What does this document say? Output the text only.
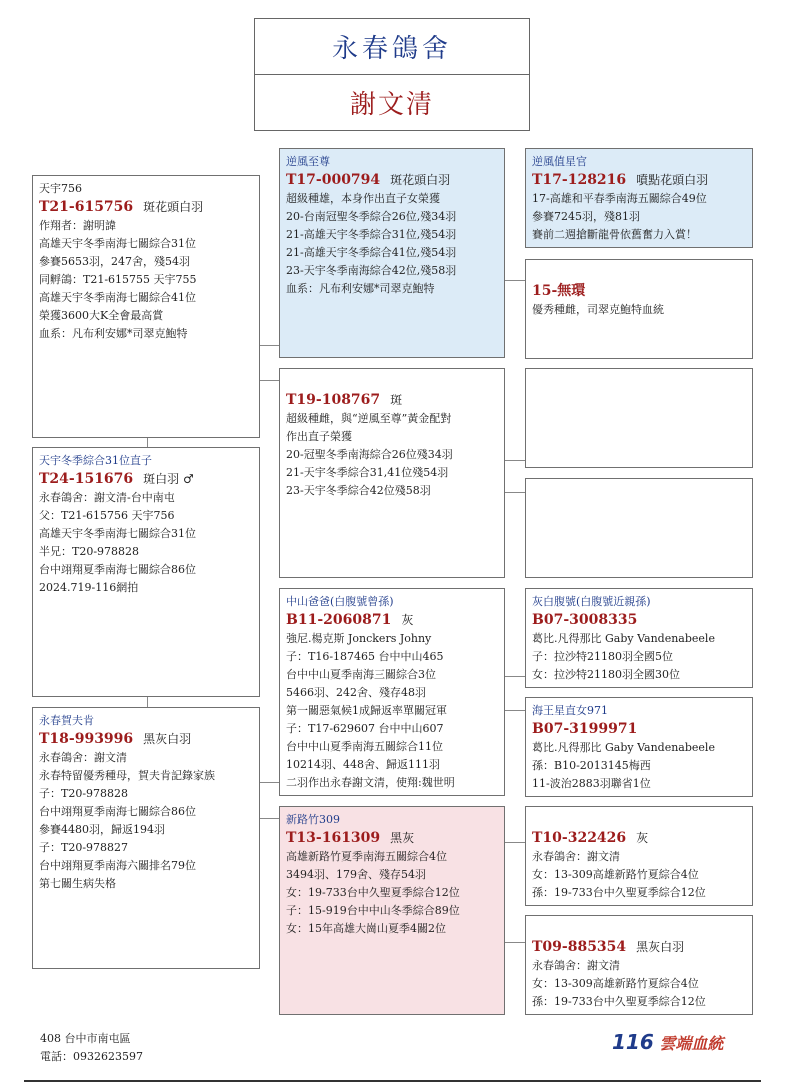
永春鴿舍
謝文清
天宇756
T21-615756 斑花頭白羽
作翔者：謝明諱
高雄天宇冬季南海七關綜合31位
參賽5653羽，247舍，殘54羽
同孵鴿：T21-615755 天宇755
高雄天宇冬季南海七關綜合41位
榮獲3600大K全會最高賞
血系：凡布利安娜*司翠克鮑特
天宇冬季綜合31位直子
T24-151676 斑白羽 ♂
永春鴿舍：謝文清-台中南屯
父：T21-615756 天宇756
高雄天宇冬季南海七關綜合31位
半兄：T20-978828
台中翊翔夏季南海七關綜合86位
2024.719-116網拍
永春賀夫肯
T18-993996 黑灰白羽
永春鴿舍：謝文清
永春特留優秀種母，賀夫肯記錄家族
子：T20-978828
台中翊翔夏季南海七關綜合86位
參賽4480羽，歸返194羽
子：T20-978827
台中翊翔夏季南海六關排名79位
第七關生病失格
逆風至尊
T17-000794 斑花頭白羽
超級種雄，本身作出直子女榮獲
20-台南冠聖冬季綜合26位,殘34羽
21-高雄天宇冬季綜合31位,殘54羽
21-高雄天宇冬季綜合41位,殘54羽
23-天宇冬季南海綜合42位,殘58羽
血系：凡布利安娜*司翠克鮑特

T19-108767 斑
超級種雌，與“逆風至尊”黃金配對
作出直子榮獲
20-冠聖冬季南海綜合26位殘34羽
21-天宇冬季綜合31,41位殘54羽
23-天宇冬季綜合42位殘58羽
中山爸爸(白腹號曾孫)
B11-2060871 灰
強尼.楊克斯 Jonckers Johny
子：T16-187465 台中中山465
台中中山夏季南海三關綜合3位
5466羽、242舍、殘存48羽
第一關惡氣候1成歸返率單關冠軍
子：T17-629607 台中中山607
台中中山夏季南海五關綜合11位
10214羽、448舍、歸返111羽
二羽作出永春謝文清，使翔:魏世明
新路竹309
T13-161309 黑灰
高雄新路竹夏季南海五關綜合4位
3494羽、179舍、殘存54羽
女：19-733台中久聖夏季綜合12位
子：15-919台中中山冬季綜合89位
女：15年高雄大崗山夏季4關2位
逆風值星官
T17-128216 噴點花頭白羽
17-高雄和平春季南海五關綜合49位
參賽7245羽，殘81羽
賽前二週搶斷龍骨依舊奮力入賞！

15-無環
優秀種雌，司翠克鮑特血統
灰白腹號(白腹號近親孫)
B07-3008335
葛比.凡得那比 Gaby Vandenabeele
子：拉沙特21180羽全國5位
女：拉沙特21180羽全國30位
海王星直女971
B07-3199971
葛比.凡得那比 Gaby Vandenabeele
孫：B10-2013145梅西
11-波治2883羽聯省1位

T10-322426 灰
永春鴿舍：謝文清
女：13-309高雄新路竹夏綜合4位
孫：19-733台中久聖夏季綜合12位

T09-885354 黑灰白羽
永春鴿舍：謝文清
女：13-309高雄新路竹夏綜合4位
孫：19-733台中久聖夏季綜合12位
408 台中市南屯區
電話：0932623597
116 雲端血統
